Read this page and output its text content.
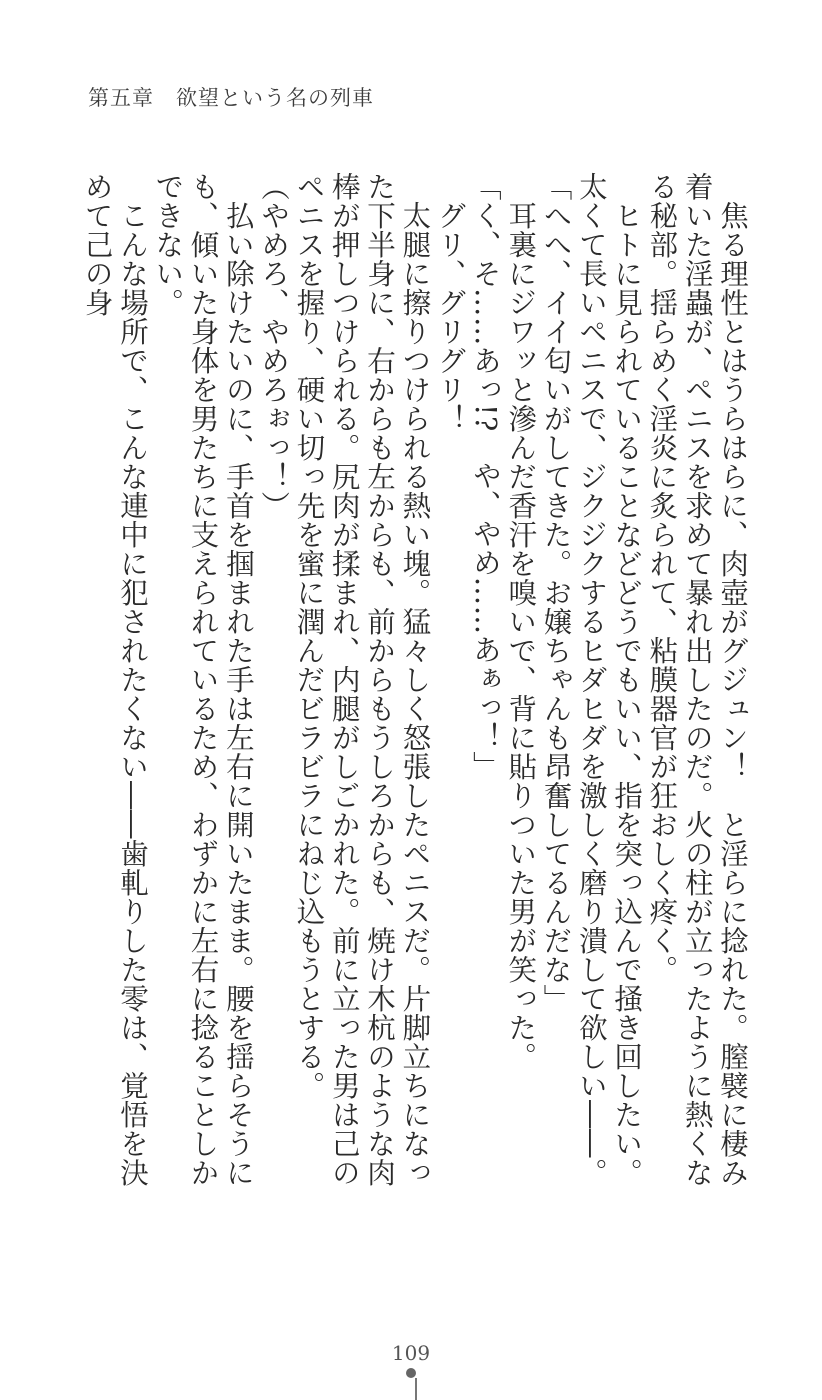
第五章　欲望という名の列車

焦る理性とはうらはらに、肉壺がグジュン！　と淫らに捻れた。膣襞に棲み着いた淫蟲が、ペニスを求めて暴れ出したのだ。火の柱が立ったように熱くなる秘部。揺らめく淫炎に炙られて、粘膜器官が狂おしく疼く。

ヒトに見られていることなどどうでもいい、指を突っ込んで掻き回したい。太くて長いペニスで、ジクジクするヒダヒダを激しく磨り潰して欲しい――。

「へへ、イイ匂いがしてきた。お嬢ちゃんも昂奮してるんだな」

耳裏にジワッと滲んだ香汗を嗅いで、背に貼りついた男が笑った。

「く、そ……あっ!?　や、やめ……あぁっ！」

グリ、グリグリ！

太腿に擦りつけられる熱い塊。猛々しく怒張したペニスだ。片脚立ちになった下半身に、右からも左からも、前からもうしろからも、焼け木杭のような肉棒が押しつけられる。尻肉が揉まれ、内腿がしごかれた。前に立った男は己のペニスを握り、硬い切っ先を蜜に潤んだビラビラにねじ込もうとする。

（やめろ、やめろぉっ！）

払い除けたいのに、手首を掴まれた手は左右に開いたまま。腰を揺らそうにも、傾いた身体を男たちに支えられているため、わずかに左右に捻ることしかできない。

こんな場所で、こんな連中に犯されたくない――歯軋りした零は、覚悟を決めて己の身

109
